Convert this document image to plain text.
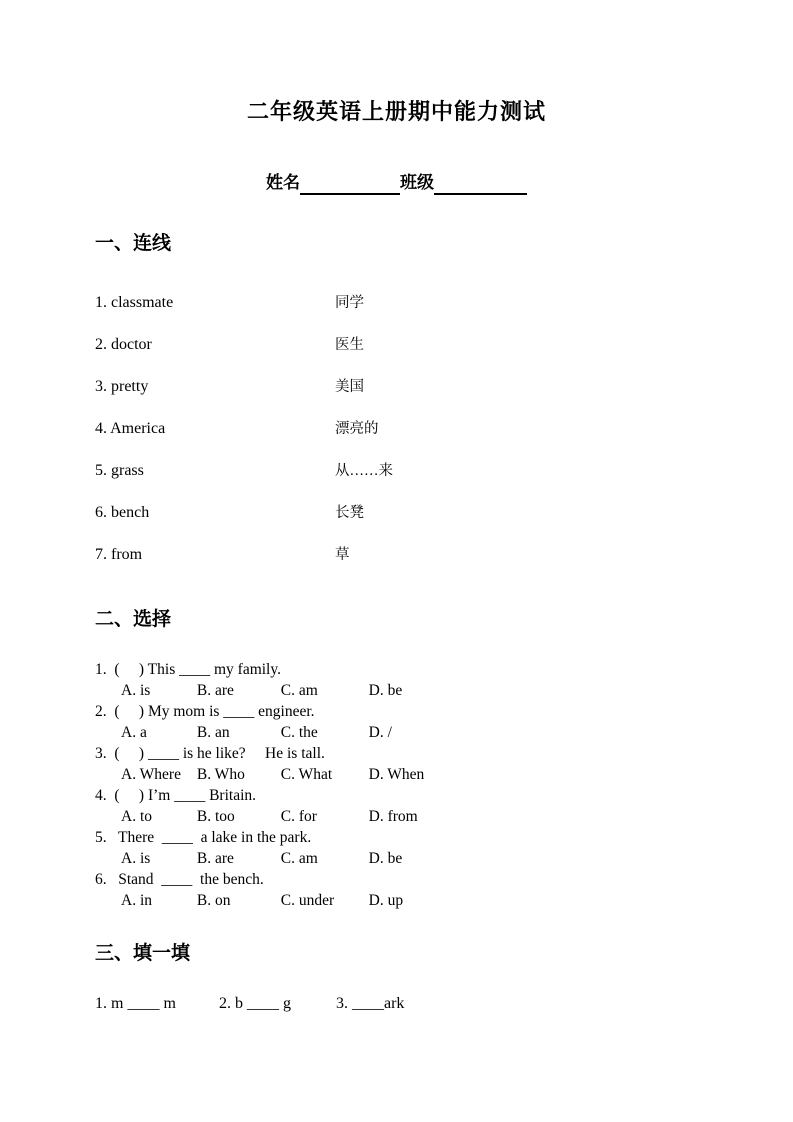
二年级英语上册期中能力测试
姓名	班级
一、连线
1. classmate	同学
2. doctor	医生
3. pretty	美国
4. America	漂亮的
5. grass	从……来
6. bench	长凳
7. from	草
二、选择
1.  (     ) This ____ my family.
A. is	B. are	C. am	D. be
2.  (     ) My mom is ____ engineer.
A. a	B. an	C. the	D. /
3.  (     ) ____ is he like?     He is tall.
A. Where B. Who C. What D. When
4.  (     ) I’m ____ Britain.
A. to	B. too	C. for	D. from
5.   There  ____  a lake in the park.
A. is	B. are	C. am	D. be
6.   Stand  ____  the bench.
A. in	B. on	C. under D. up
三、填一填
1. m ____ m	2. b ____ g	3. ____ark
